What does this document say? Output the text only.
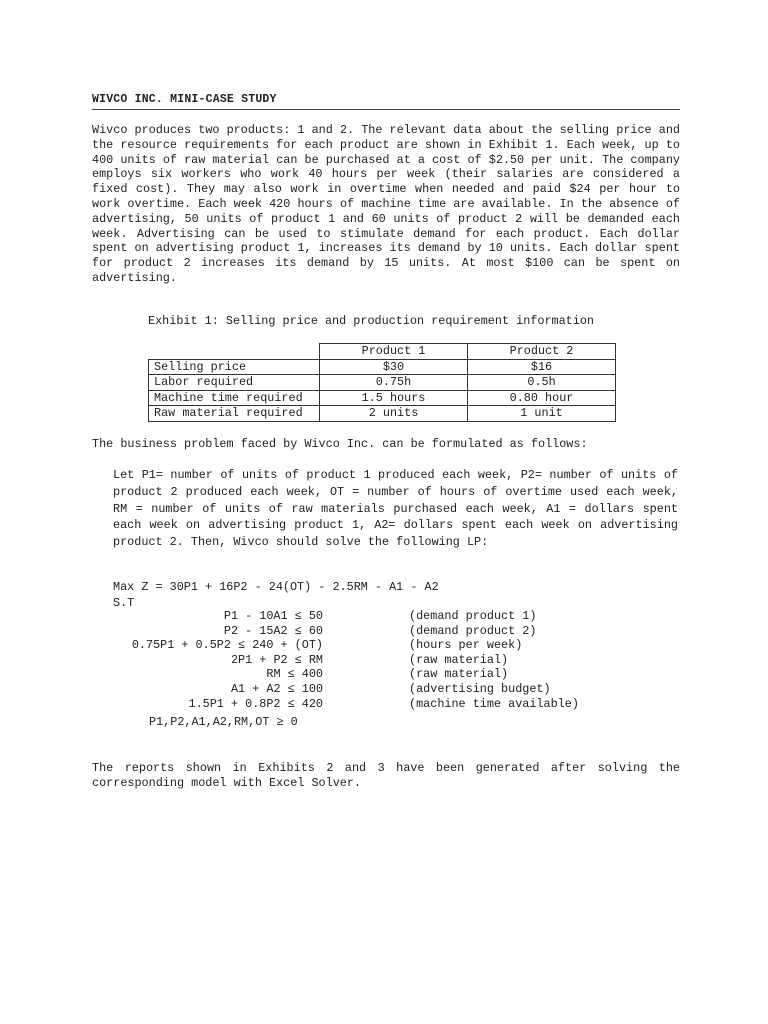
WIVCO INC. MINI-CASE STUDY
Wivco produces two products: 1 and 2. The relevant data about the selling price and the resource requirements for each product are shown in Exhibit 1. Each week, up to 400 units of raw material can be purchased at a cost of $2.50 per unit. The company employs six workers who work 40 hours per week (their salaries are considered a fixed cost). They may also work in overtime when needed and paid $24 per hour to work overtime. Each week 420 hours of machine time are available. In the absence of advertising, 50 units of product 1 and 60 units of product 2 will be demanded each week. Advertising can be used to stimulate demand for each product. Each dollar spent on advertising product 1, increases its demand by 10 units. Each dollar spent for product 2 increases its demand by 15 units. At most $100 can be spent on advertising.
Exhibit 1: Selling price and production requirement information
	Product 1	Product 2
Selling price	$30	$16
Labor required	0.75h	0.5h
Machine time required	1.5 hours	0.80 hour
Raw material required	2 units	1 unit
The business problem faced by Wivco Inc. can be formulated as follows:
Let P1= number of units of product 1 produced each week, P2= number of units of product 2 produced each week, OT = number of hours of overtime used each week, RM = number of units of raw materials purchased each week, A1 = dollars spent each week on advertising product 1, A2= dollars spent each week on advertising product 2. Then, Wivco should solve the following LP:
Max Z = 30P1 + 16P2 - 24(OT) - 2.5RM - A1 - A2
S.T
P1 - 10A1 ≤ 50	(demand product 1)
P2 - 15A2 ≤ 60	(demand product 2)
0.75P1 + 0.5P2 ≤ 240 + (OT)	(hours per week)
2P1 + P2 ≤ RM	(raw material)
RM ≤ 400	(raw material)
A1 + A2 ≤ 100	(advertising budget)
1.5P1 + 0.8P2 ≤ 420	(machine time available)
P1,P2,A1,A2,RM,OT ≥ 0
The reports shown in Exhibits 2 and 3 have been generated after solving the corresponding model with Excel Solver.
